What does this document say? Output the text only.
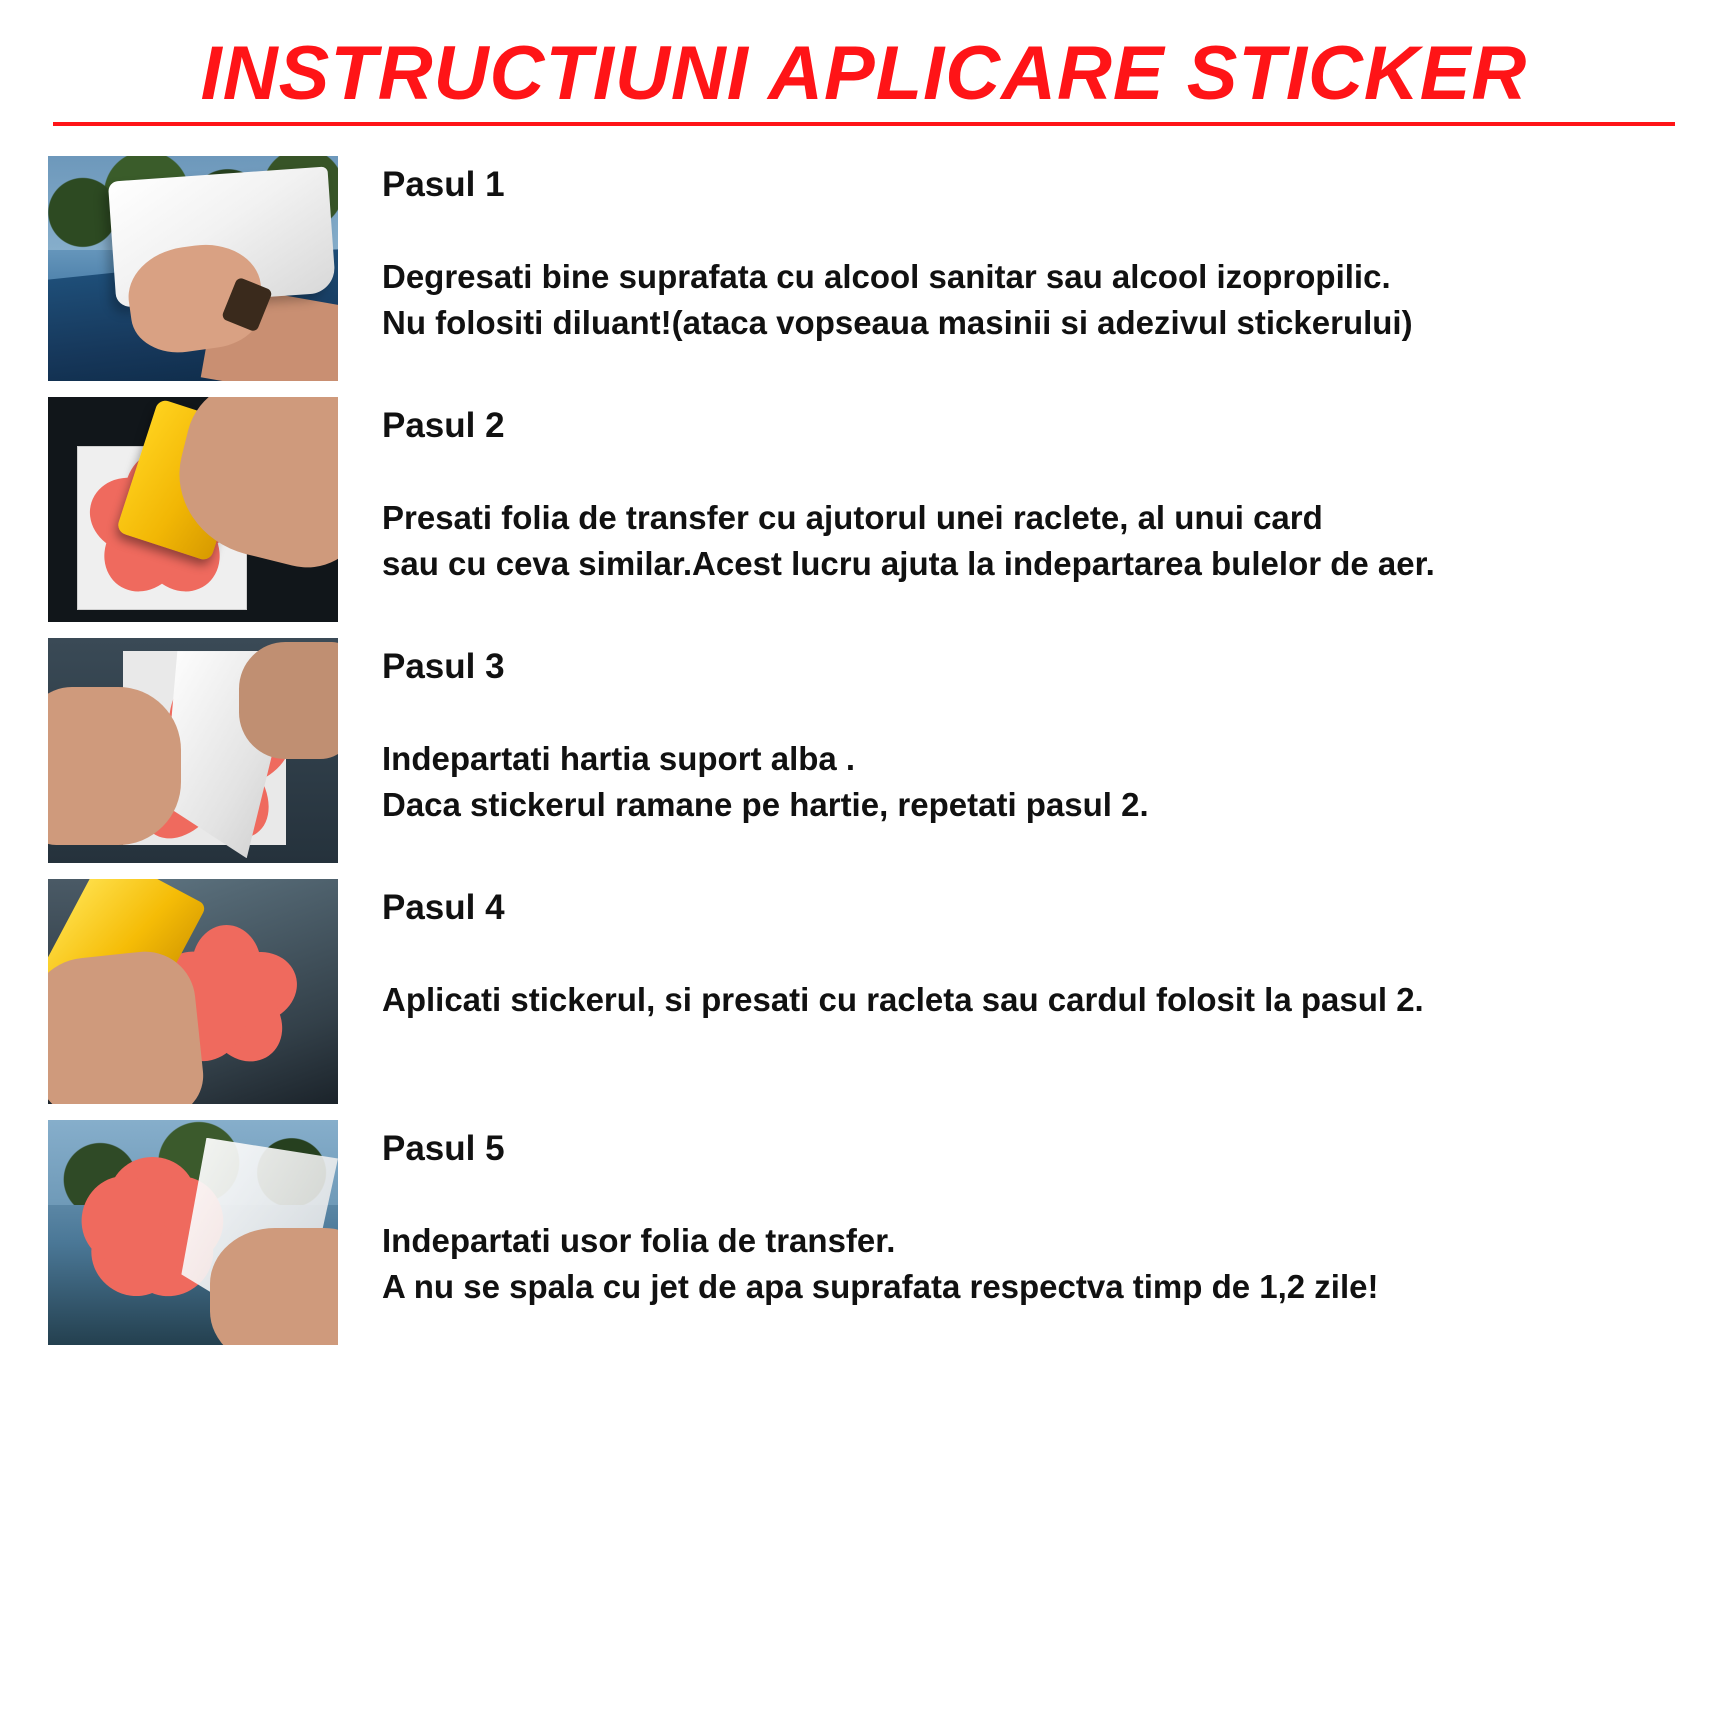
INSTRUCTIUNI APLICARE STICKER
Pasul 1
Degresati bine suprafata cu alcool sanitar sau alcool izopropilic.
Nu folositi diluant!(ataca vopseaua masinii si adezivul stickerului)
Pasul 2
Presati folia de transfer cu ajutorul unei raclete, al unui card
sau cu ceva similar.Acest lucru ajuta la indepartarea bulelor de aer.
Pasul 3
Indepartati hartia suport alba .
Daca stickerul ramane pe hartie, repetati pasul 2.
Pasul 4
Aplicati stickerul, si presati cu racleta sau cardul folosit la pasul 2.
Pasul 5
Indepartati usor folia de transfer.
A nu se spala cu jet de apa suprafata respectva timp de 1,2 zile!
